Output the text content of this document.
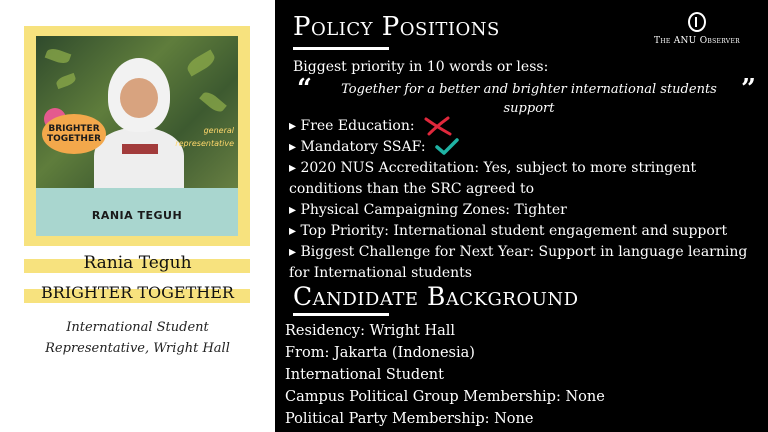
BRIGHTER TOGETHER
general
representative
RANIA TEGUH
Rania Teguh
BRIGHTER TOGETHER
International Student Representative, Wright Hall
Policy Positions	The ANU Observer
Biggest priority in 10 words or less:
“	Together for a better and brighter international students support
”
▸ Free Education:
▸ Mandatory SSAF:
▸ 2020 NUS Accreditation: Yes, subject to more stringent conditions than the SRC agreed to
▸ Physical Campaigning Zones: Tighter
▸ Top Priority: International student engagement and support
▸ Biggest Challenge for Next Year: Support in language learning for International students
Candidate Background
Residency: Wright Hall
From: Jakarta (Indonesia)
International Student
Campus Political Group Membership: None
Political Party Membership: None
